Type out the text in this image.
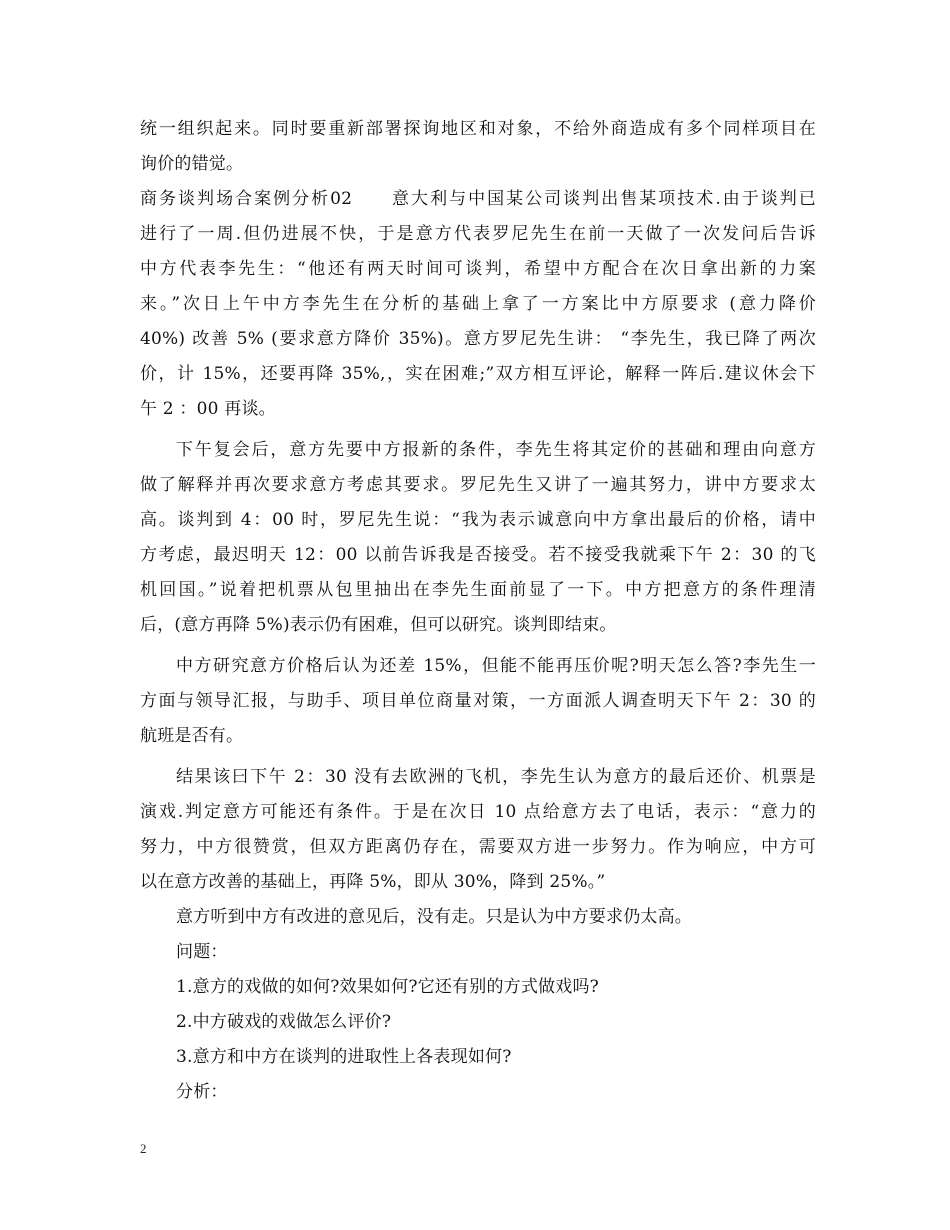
统一组织起来。同时要重新部署探询地区和对象，不给外商造成有多个同样项目在
询价的错觉。
商务谈判场合案例分析02　　意大利与中国某公司谈判出售某项技术.由于谈判已
进行了一周.但仍进展不快，于是意方代表罗尼先生在前一天做了一次发问后告诉
中方代表李先生：“他还有两天时间可谈判，希望中方配合在次日拿出新的力案
来。”次日上午中方李先生在分析的基础上拿了一方案比中方原要求 (意力降价
40%) 改善 5% (要求意方降价 35%)。意方罗尼先生讲： “李先生，我已降了两次
价，计 15%，还要再降 35%,，实在困难;”双方相互评论，解释一阵后.建议休会下
午 2 ：00 再谈。
下午复会后，意方先要中方报新的条件，李先生将其定价的甚础和理由向意方
做了解释并再次要求意方考虑其要求。罗尼先生又讲了一遍其努力，讲中方要求太
高。谈判到 4：00 时，罗尼先生说：“我为表示诚意向中方拿出最后的价格，请中
方考虑，最迟明天 12：00 以前告诉我是否接受。若不接受我就乘下午 2：30 的飞
机回国。”说着把机票从包里抽出在李先生面前显了一下。中方把意方的条件理清
后，(意方再降 5%)表示仍有困难，但可以研究。谈判即结束。
中方研究意方价格后认为还差 15%，但能不能再压价呢?明天怎么答?李先生一
方面与领导汇报，与助手、项目单位商量对策，一方面派人调查明天下午 2：30 的
航班是否有。
结果该曰下午 2：30 没有去欧洲的飞机，李先生认为意方的最后还价、机票是
演戏.判定意方可能还有条件。于是在次日 10 点给意方去了电话，表示：“意力的
努力，中方很赞赏，但双方距离仍存在，需要双方进一步努力。作为响应，中方可
以在意方改善的基础上，再降 5%，即从 30%，降到 25%。”
意方听到中方有改进的意见后，没有走。只是认为中方要求仍太高。
问题：
1.意方的戏做的如何?效果如何?它还有别的方式做戏吗?
2.中方破戏的戏做怎么评价?
3.意方和中方在谈判的进取性上各表现如何?
分析：
2
